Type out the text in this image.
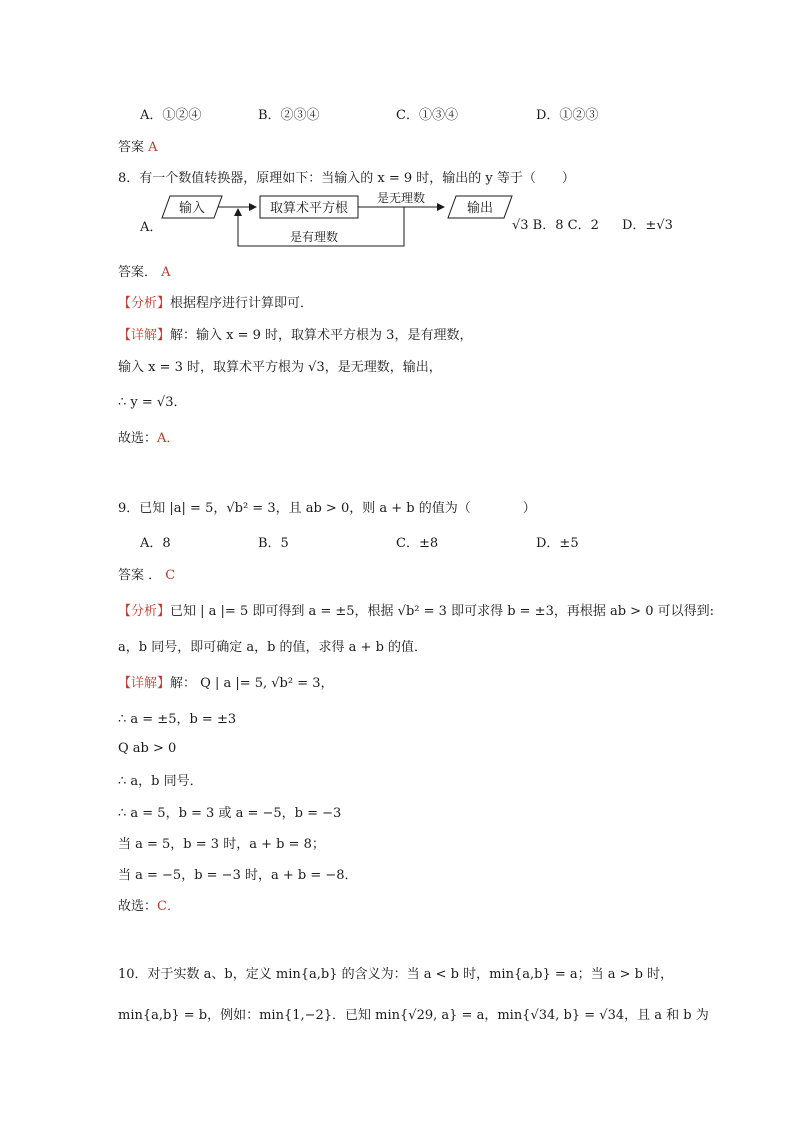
A．①②④	B．②③④	C．①③④	D．①②③
答案 A
8．有一个数值转换器，原理如下：当输入的 x = 9 时，输出的 y 等于（　　）
A．
输入	取算术平方根
是无理数
输出
是有理数
√3 B．8 C．2 D．±√3
答案． A
【分析】根据程序进行计算即可．
【详解】解：输入 x = 9 时，取算术平方根为 3，是有理数，
输入 x = 3 时，取算术平方根为 √3，是无理数，输出，
∴ y = √3．
故选：A．
9．已知 |a| = 5，√b² = 3，且 ab > 0，则 a + b 的值为（　　　　）
A．8	B．5	C．±8	D．±5
答案 ． C
【分析】已知 | a |= 5 即可得到 a = ±5，根据 √b² = 3 即可求得 b = ±3，再根据 ab > 0 可以得到:
a，b 同号，即可确定 a，b 的值，求得 a + b 的值．
【详解】解： Q | a |= 5, √b² = 3，
∴ a = ±5，b = ±3
Q ab > 0
∴ a，b 同号．
∴ a = 5，b = 3 或 a = −5，b = −3
当 a = 5，b = 3 时，a + b = 8；
当 a = −5，b = −3 时，a + b = −8．
故选：C．
10．对于实数 a、b，定义 min{a,b} 的含义为：当 a < b 时，min{a,b} = a；当 a > b 时，
min{a,b} = b，例如：min{1,−2}．已知 min{√29, a} = a，min{√34, b} = √34，且 a 和 b 为
